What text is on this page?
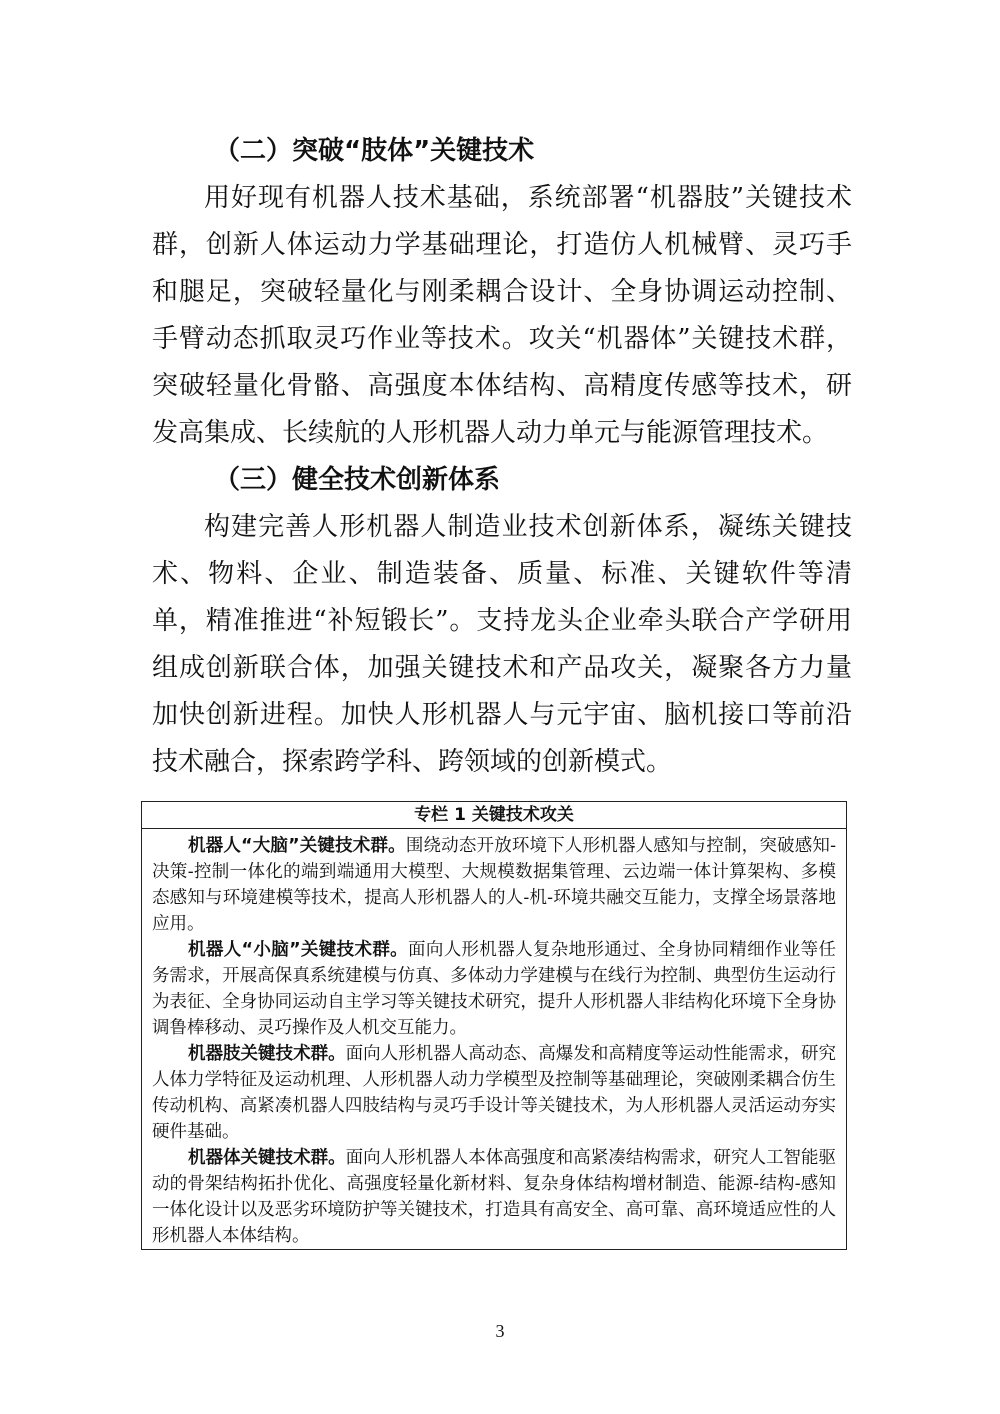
（二）突破“肢体”关键技术

用好现有机器人技术基础，系统部署“机器肢”关键技术群，创新人体运动力学基础理论，打造仿人机械臂、灵巧手和腿足，突破轻量化与刚柔耦合设计、全身协调运动控制、手臂动态抓取灵巧作业等技术。攻关“机器体”关键技术群，突破轻量化骨骼、高强度本体结构、高精度传感等技术，研发高集成、长续航的人形机器人动力单元与能源管理技术。

（三）健全技术创新体系

构建完善人形机器人制造业技术创新体系，凝练关键技术、物料、企业、制造装备、质量、标准、关键软件等清单，精准推进“补短锻长”。支持龙头企业牵头联合产学研用组成创新联合体，加强关键技术和产品攻关，凝聚各方力量加快创新进程。加快人形机器人与元宇宙、脑机接口等前沿技术融合，探索跨学科、跨领域的创新模式。

专栏 1 关键技术攻关

机器人“大脑”关键技术群。围绕动态开放环境下人形机器人感知与控制，突破感知-决策-控制一体化的端到端通用大模型、大规模数据集管理、云边端一体计算架构、多模态感知与环境建模等技术，提高人形机器人的人-机-环境共融交互能力，支撑全场景落地应用。

机器人“小脑”关键技术群。面向人形机器人复杂地形通过、全身协同精细作业等任务需求，开展高保真系统建模与仿真、多体动力学建模与在线行为控制、典型仿生运动行为表征、全身协同运动自主学习等关键技术研究，提升人形机器人非结构化环境下全身协调鲁棒移动、灵巧操作及人机交互能力。

机器肢关键技术群。面向人形机器人高动态、高爆发和高精度等运动性能需求，研究人体力学特征及运动机理、人形机器人动力学模型及控制等基础理论，突破刚柔耦合仿生传动机构、高紧凑机器人四肢结构与灵巧手设计等关键技术，为人形机器人灵活运动夯实硬件基础。

机器体关键技术群。面向人形机器人本体高强度和高紧凑结构需求，研究人工智能驱动的骨架结构拓扑优化、高强度轻量化新材料、复杂身体结构增材制造、能源-结构-感知一体化设计以及恶劣环境防护等关键技术，打造具有高安全、高可靠、高环境适应性的人形机器人本体结构。

3
